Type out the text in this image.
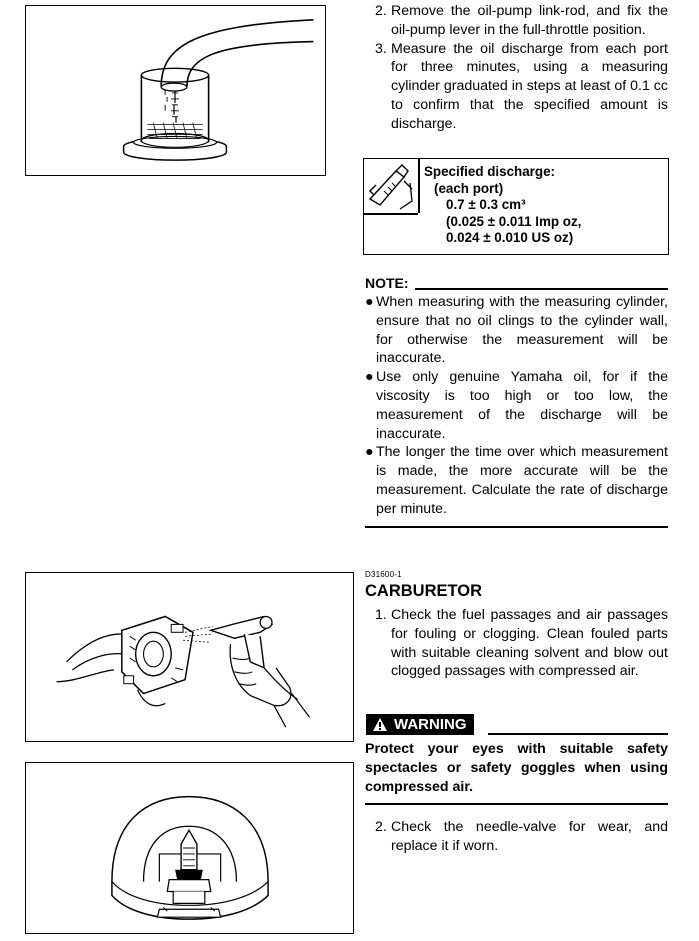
2. Remove the oil-pump link-rod, and fix the oil-pump lever in the full-throttle position.
3. Measure the oil discharge from each port for three minutes, using a measuring cylinder graduated in steps at least of 0.1 cc to confirm that the specified amount is discharge.
Specified discharge:
(each port)
0.7 ± 0.3 cm³
(0.025 ± 0.011 Imp oz,
0.024 ± 0.010 US oz)
NOTE:
● When measuring with the measuring cylinder, ensure that no oil clings to the cylinder wall, for otherwise the measurement will be inaccurate.
● Use only genuine Yamaha oil, for if the viscosity is too high or too low, the measurement of the discharge will be inaccurate.
● The longer the time over which measurement is made, the more accurate will be the measurement. Calculate the rate of discharge per minute.
D31600-1
CARBURETOR
1. Check the fuel passages and air passages for fouling or clogging. Clean fouled parts with suitable cleaning solvent and blow out clogged passages with compressed air.
WARNING
Protect your eyes with suitable safety spectacles or safety goggles when using compressed air.
2. Check the needle-valve for wear, and replace it if worn.
